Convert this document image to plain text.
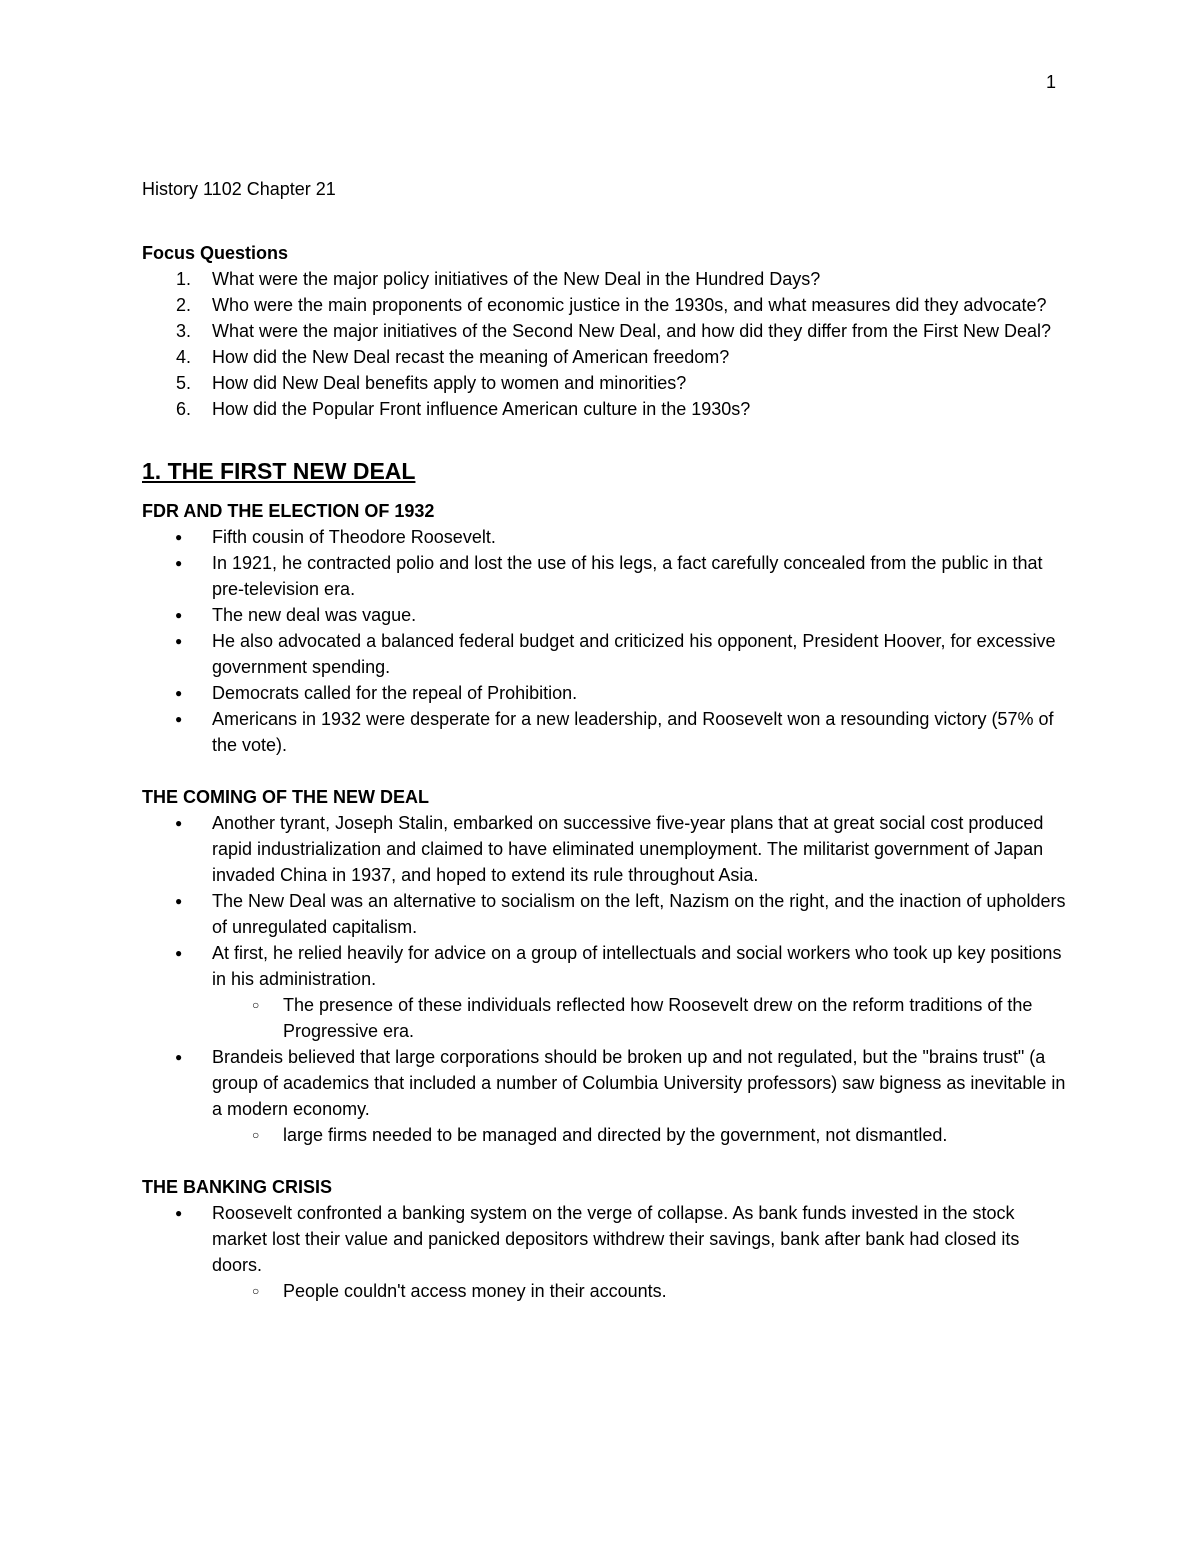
1
History 1102 Chapter 21
Focus Questions
1. What were the major policy initiatives of the New Deal in the Hundred Days?
2. Who were the main proponents of economic justice in the 1930s, and what measures did they advocate?
3. What were the major initiatives of the Second New Deal, and how did they differ from the First New Deal?
4. How did the New Deal recast the meaning of American freedom?
5. How did New Deal benefits apply to women and minorities?
6. How did the Popular Front influence American culture in the 1930s?
1. THE FIRST NEW DEAL
FDR AND THE ELECTION OF 1932
● Fifth cousin of Theodore Roosevelt.
● In 1921, he contracted polio and lost the use of his legs, a fact carefully concealed from the public in that pre-television era.
● The new deal was vague.
● He also advocated a balanced federal budget and criticized his opponent, President Hoover, for excessive government spending.
● Democrats called for the repeal of Prohibition.
● Americans in 1932 were desperate for a new leadership, and Roosevelt won a resounding victory (57% of the vote).
THE COMING OF THE NEW DEAL
● Another tyrant, Joseph Stalin, embarked on successive five-year plans that at great social cost produced rapid industrialization and claimed to have eliminated unemployment. The militarist government of Japan invaded China in 1937, and hoped to extend its rule throughout Asia.
● The New Deal was an alternative to socialism on the left, Nazism on the right, and the inaction of upholders of unregulated capitalism.
● At first, he relied heavily for advice on a group of intellectuals and social workers who took up key positions in his administration.
○ The presence of these individuals reflected how Roosevelt drew on the reform traditions of the Progressive era.
● Brandeis believed that large corporations should be broken up and not regulated, but the "brains trust" (a group of academics that included a number of Columbia University professors) saw bigness as inevitable in a modern economy.
○ large firms needed to be managed and directed by the government, not dismantled.
THE BANKING CRISIS
● Roosevelt confronted a banking system on the verge of collapse. As bank funds invested in the stock market lost their value and panicked depositors withdrew their savings, bank after bank had closed its doors.
○ People couldn't access money in their accounts.
